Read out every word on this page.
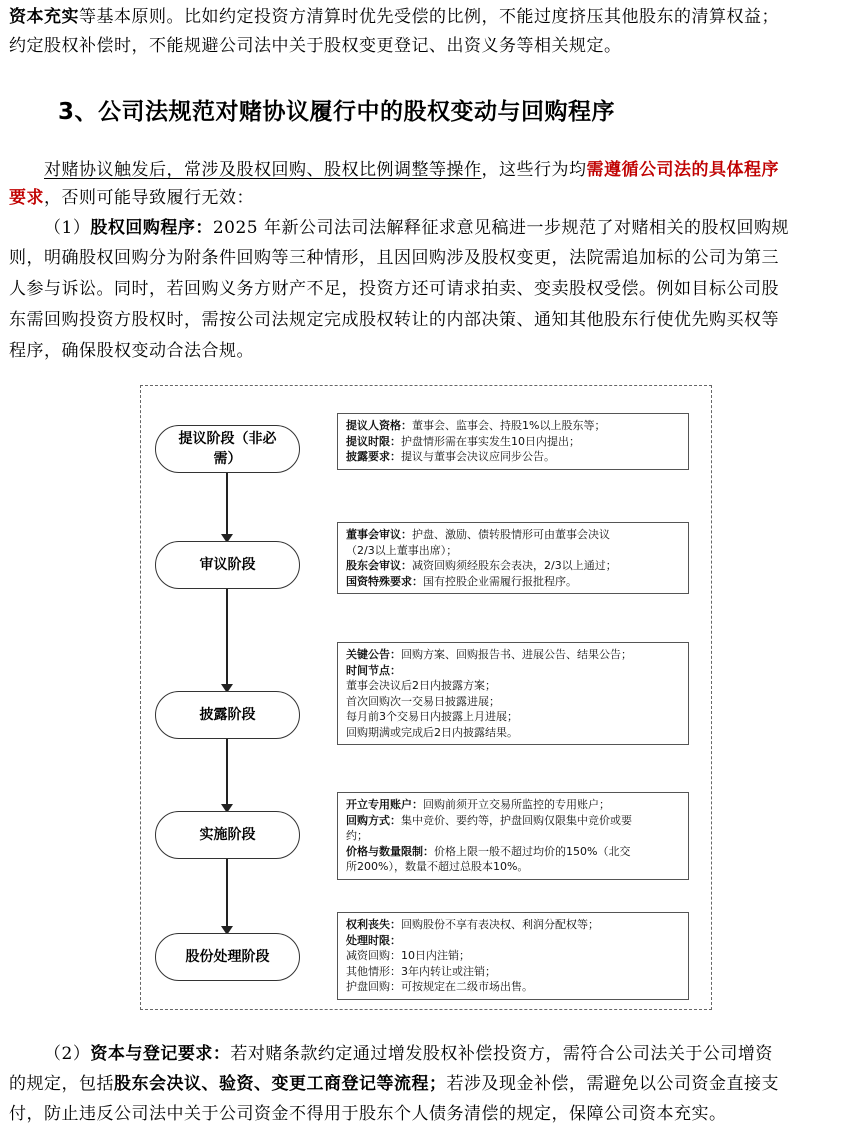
资本充实等基本原则。比如约定投资方清算时优先受偿的比例，不能过度挤压其他股东的清算权益；
约定股权补偿时，不能规避公司法中关于股权变更登记、出资义务等相关规定。
3、公司法规范对赌协议履行中的股权变动与回购程序
对赌协议触发后，常涉及股权回购、股权比例调整等操作，这些行为均需遵循公司法的具体程序
要求，否则可能导致履行无效：
（1）股权回购程序：2025 年新公司法司法解释征求意见稿进一步规范了对赌相关的股权回购规
则，明确股权回购分为附条件回购等三种情形，且因回购涉及股权变更，法院需追加标的公司为第三
人参与诉讼。同时，若回购义务方财产不足，投资方还可请求拍卖、变卖股权受偿。例如目标公司股
东需回购投资方股权时，需按公司法规定完成股权转让的内部决策、通知其他股东行使优先购买权等
程序，确保股权变动合法合规。
提议阶段（非必需）
审议阶段
披露阶段
实施阶段
股份处理阶段
提议人资格：董事会、监事会、持股1%以上股东等；
提议时限：护盘情形需在事实发生10日内提出；
披露要求：提议与董事会决议应同步公告。
董事会审议：护盘、激励、债转股情形可由董事会决议
（2/3以上董事出席）；
股东会审议：减资回购须经股东会表决，2/3以上通过；
国资特殊要求：国有控股企业需履行报批程序。
关键公告：回购方案、回购报告书、进展公告、结果公告；
时间节点：
董事会决议后2日内披露方案；
首次回购次一交易日披露进展；
每月前3个交易日内披露上月进展；
回购期满或完成后2日内披露结果。
开立专用账户：回购前须开立交易所监控的专用账户；
回购方式：集中竞价、要约等，护盘回购仅限集中竞价或要
约；
价格与数量限制：价格上限一般不超过均价的150%（北交
所200%），数量不超过总股本10%。
权利丧失：回购股份不享有表决权、利润分配权等；
处理时限：
减资回购：10日内注销；
其他情形：3年内转让或注销；
护盘回购：可按规定在二级市场出售。
（2）资本与登记要求：若对赌条款约定通过增发股权补偿投资方，需符合公司法关于公司增资
的规定，包括股东会决议、验资、变更工商登记等流程；若涉及现金补偿，需避免以公司资金直接支
付，防止违反公司法中关于公司资金不得用于股东个人债务清偿的规定，保障公司资本充实。
